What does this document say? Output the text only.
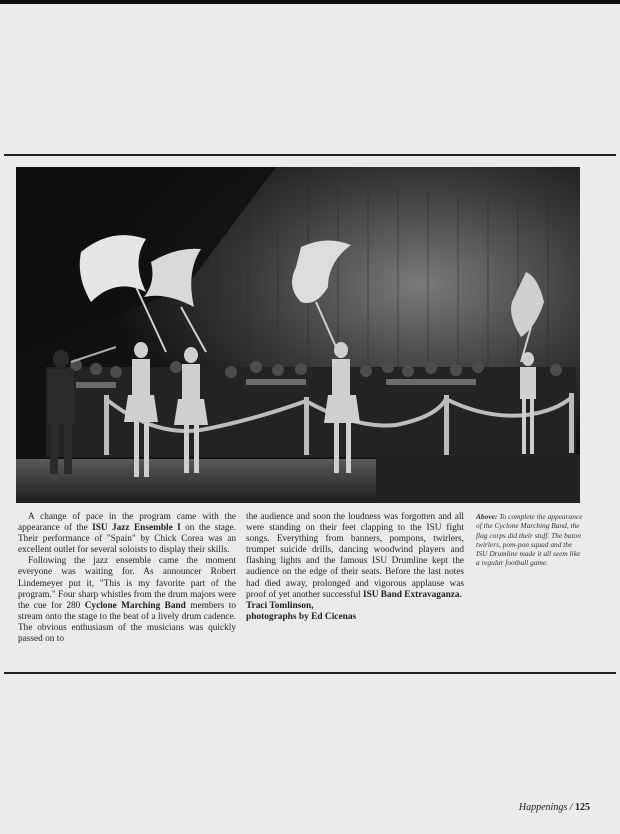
A change of pace in the program came with the appearance of the ISU Jazz Ensemble I on the stage. Their performance of "Spain" by Chick Corea was an excellent outlet for several soloists to display their skills.

Following the jazz ensemble came the moment everyone was waiting for. As announcer Robert Lindemeyer put it, "This is my favorite part of the program." Four sharp whistles from the drum majors were the cue for 280 Cyclone Marching Band members to stream onto the stage to the beat of a lively drum cadence. The obvious enthusiasm of the musicians was quickly passed on to

the audience and soon the loudness was forgotten and all were standing on their feet clapping to the ISU fight songs. Everything from banners, pompons, twirlers, trumpet suicide drills, dancing woodwind players and flashing lights and the famous ISU Drumline kept the audience on the edge of their seats. Before the last notes had died away, prolonged and vigorous applause was proof of yet another successful ISU Band Extravaganza.

Traci Tomlinson,
photographs by Ed Cicenas

Above: To complete the appearance of the Cyclone Marching Band, the flag corps did their stuff. The baton twirlers, pom-pon squad and the ISU Drumline made it all seem like a regular football game.
Happenings / 125
